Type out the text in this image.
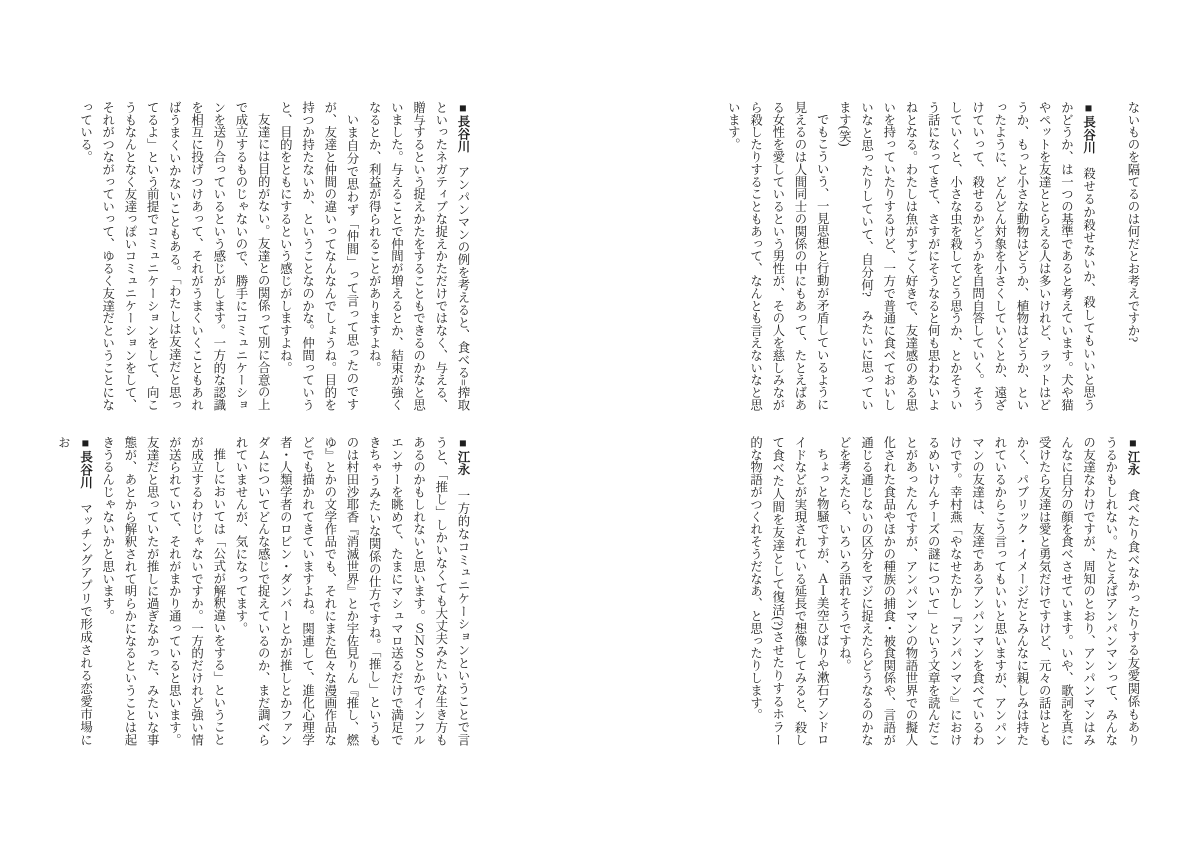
ないものを隔てるのは何だとお考えですか?

■長谷川　殺せるか殺せないか、殺してもいいと思うかどうか、は一つの基準であると考えています。犬や猫やペットを友達ととらえる人は多いけれど、ラットはどうか、もっと小さな動物はどうか、植物はどうか、といったように、どんどん対象を小さくしていくとか、遠ざけていって、殺せるかどうかを自問自答していく。そうしていくと、小さな虫を殺してどう思うか、とかそういう話になってきて、さすがにそうなると何も思わないよねとなる。わたしは魚がすごく好きで、友達感のある思いを持っていたりするけど、一方で普通に食べておいしいなと思ったりしていて、自分何?　みたいに思っています(笑)

でもこういう、一見思想と行動が矛盾しているように見えるのは人間同士の関係の中にもあって、たとえばある女性を愛しているという男性が、その人を慈しみながら殺したりすることもあって、なんとも言えないなと思います。

■江永　食べたり食べなかったりする友愛関係もありうるかもしれない。たとえばアンパンマンって、みんなの友達なわけですが、周知のとおり、アンパンマンはみんなに自分の顔を食べさせています。いや、歌詞を真に受けたら友達は愛と勇気だけですけど、元々の話はともかく、パブリック・イメージだとみんなに親しみは持たれているからこう言ってもいいと思いますが、アンパンマンの友達は、友達であるアンパンマンを食べているわけです。幸村燕「やなせたかし『アンパンマン』におけるめいけんチーズの謎について」という文章を読んだことがあったんですが、アンパンマンの物語世界での擬人化された食品やほかの種族の捕食・被食関係や、言語が通じる通じないの区分をマジに捉えたらどうなるのかなどを考えたら、いろいろ語れそうですね。

ちょっと物騒ですが、ＡＩ美空ひばりや漱石アンドロイドなどが実現されている延長で想像してみると、殺して食べた人間を友達として復活(?)させたりするホラー的な物語がつくれそうだなあ、と思ったりします。

■長谷川　アンパンマンの例を考えると、食べる=搾取といったネガティブな捉えかただけではなく、与える、贈与するという捉えかたをすることもできるのかなと思いました。与えることで仲間が増えるとか、結束が強くなるとか、利益が得られることがありますよね。

いま自分で思わず「仲間」って言って思ったのですが、友達と仲間の違いってなんなんでしょうね。目的を持つか持たないか、ということなのかな。仲間っていうと、目的をともにするという感じがしますよね。

友達には目的がない。友達との関係って別に合意の上で成立するものじゃないので、勝手にコミュニケーションを送り合っているという感じがします。一方的な認識を相互に投げつけあって、それがうまくいくこともあればうまくいかないこともある。「わたしは友達だと思ってるよ」という前提でコミュニケーションをして、向こうもなんとなく友達っぽいコミュニケーションをして、それがつながっていって、ゆるく友達だということになっている。

■江永　一方的なコミュニケーションということで言うと、「推し」しかいなくても大丈夫みたいな生き方もあるのかもしれないと思います。ＳＮＳとかでインフルエンサーを眺めて、たまにマシュマロ送るだけで満足できちゃうみたいな関係の仕方ですね。「推し」というものは村田沙耶香『消滅世界』とか宇佐見りん『推し、燃ゆ』とかの文学作品でも、それにまた色々な漫画作品などでも描かれてきていますよね。関連して、進化心理学者・人類学者のロビン・ダンバーとかが推しとかファンダムについてどんな感じで捉えているのか、まだ調べられていませんが、気になってます。

推しにおいては「公式が解釈違いをする」ということが成立するわけじゃないですか。一方的だけれど強い情が送られていて、それがまかり通っていると思います。友達だと思っていたが推しに過ぎなかった、みたいな事態が、あとから解釈されて明らかになるということは起きうるんじゃないかと思います。

■長谷川　マッチングアプリで形成される恋愛市場にお
